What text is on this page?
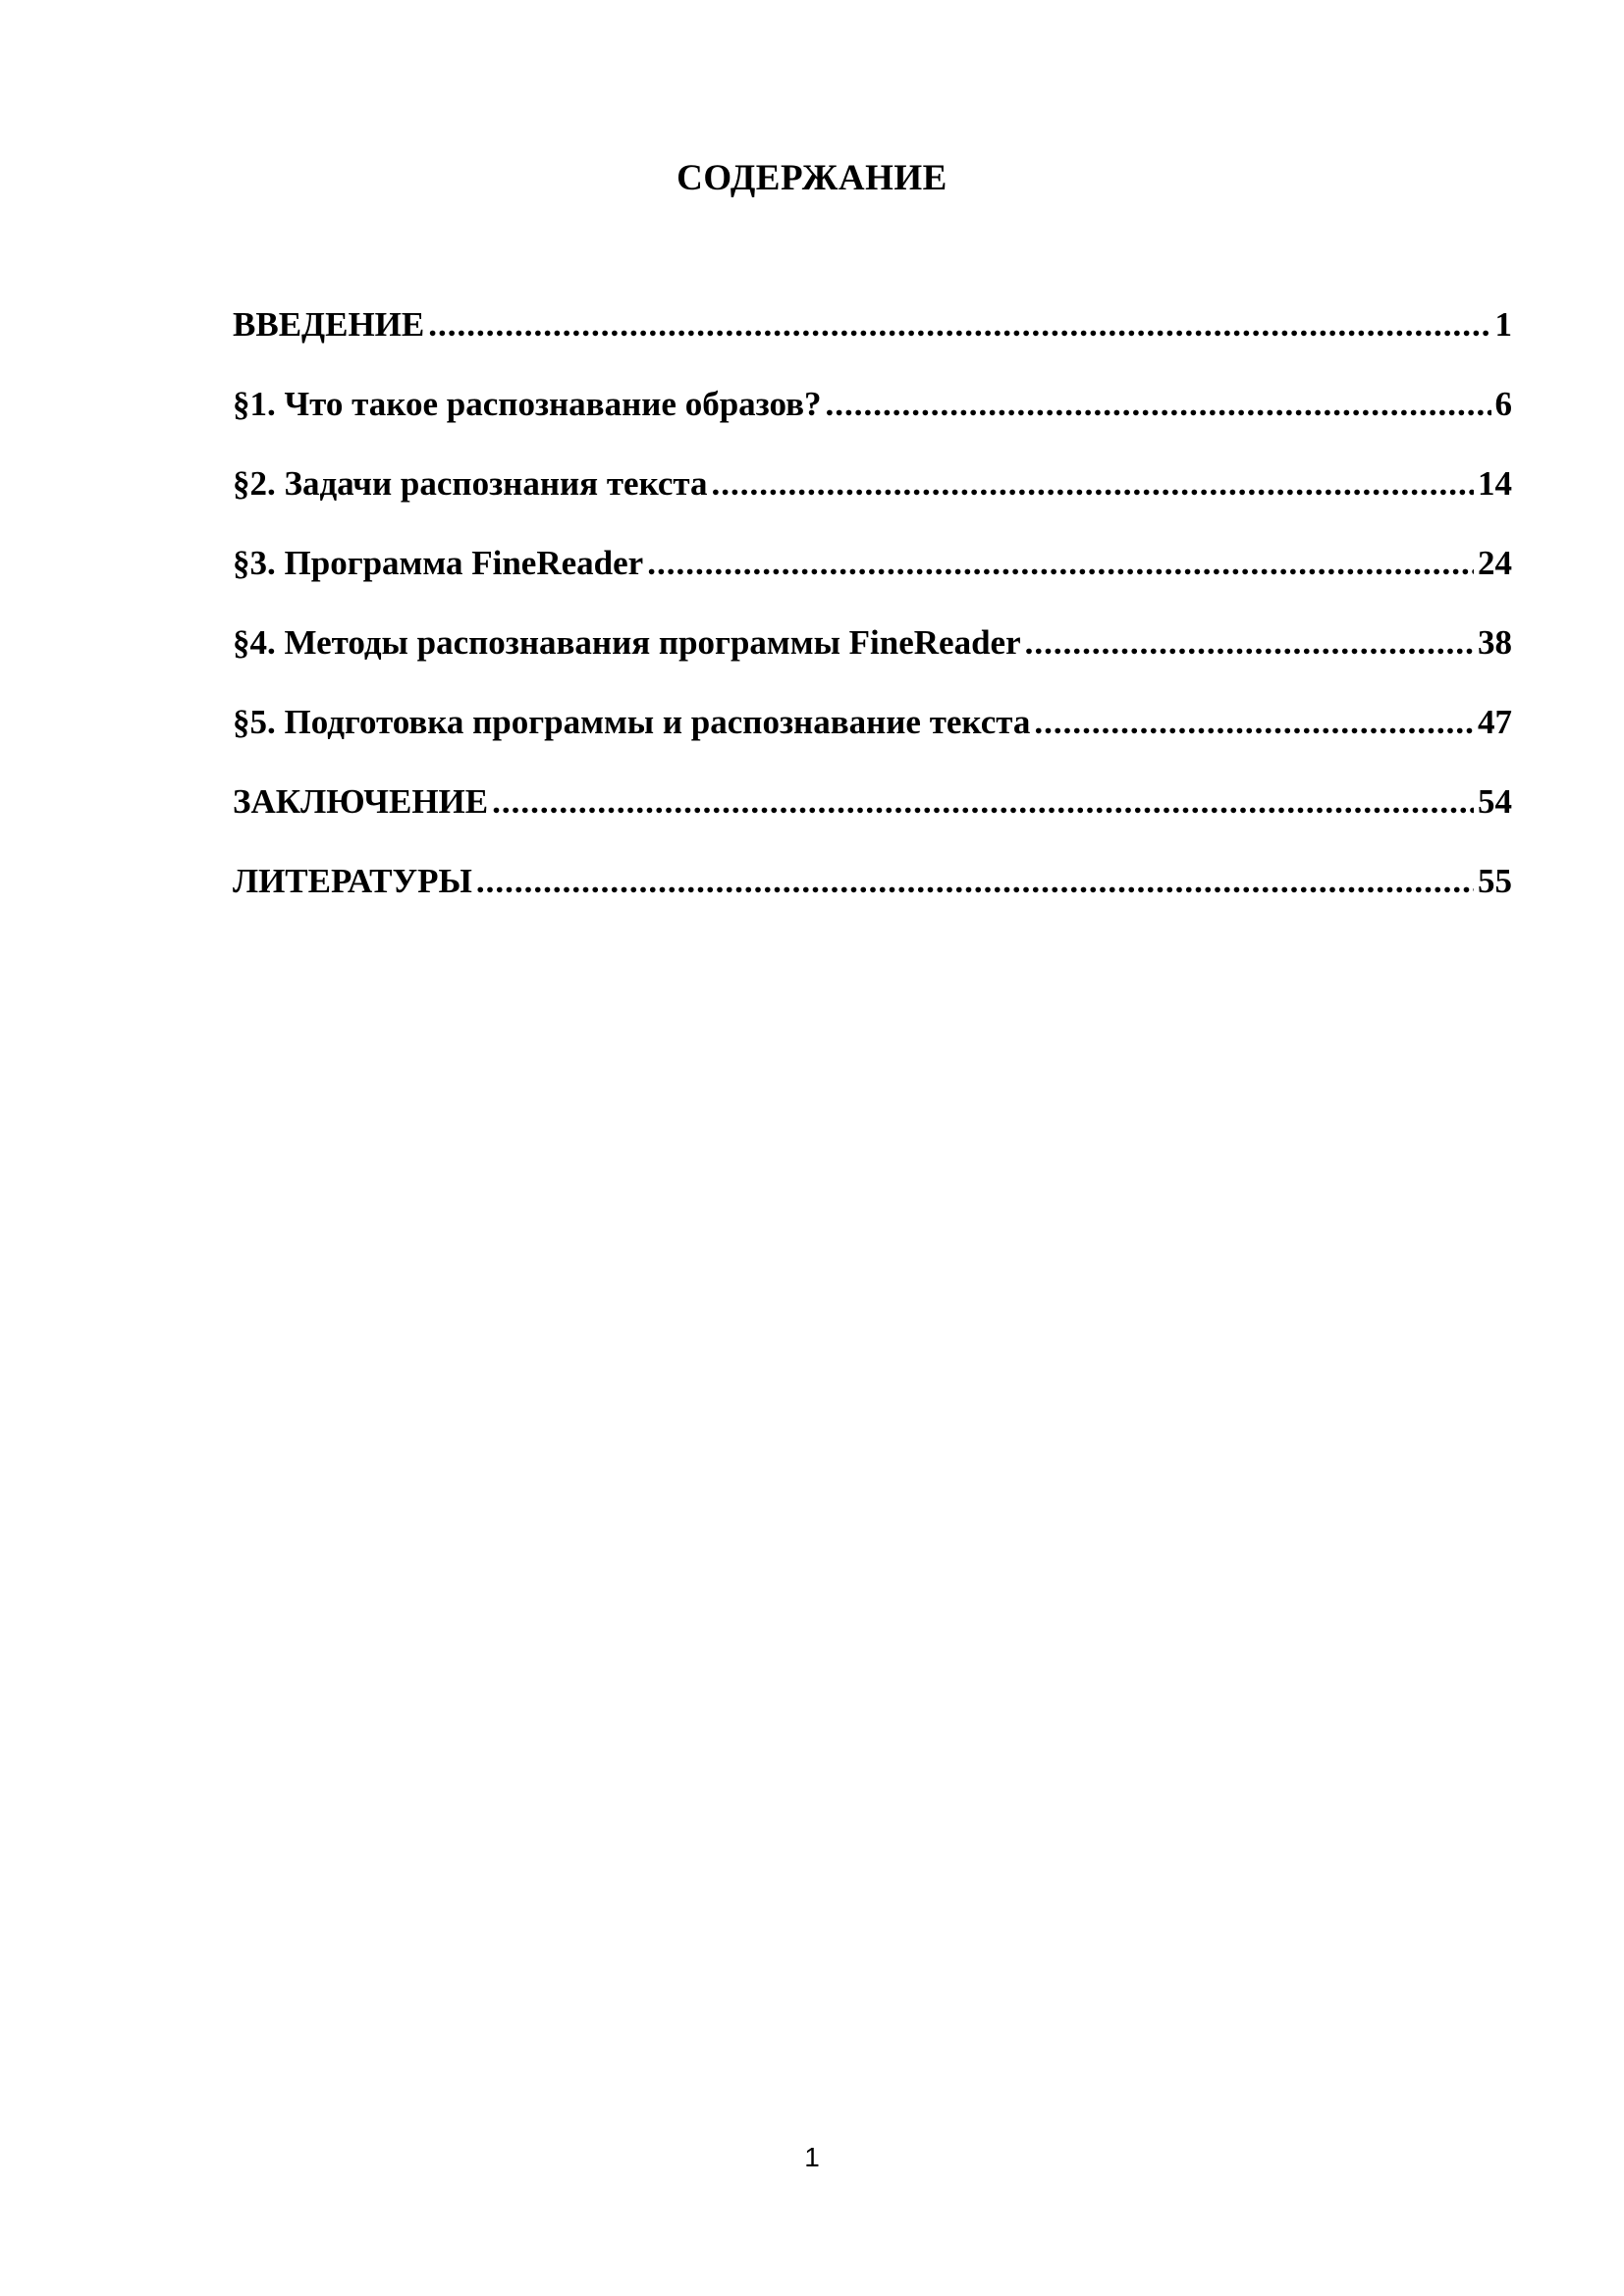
СОДЕРЖАНИЕ
ВВЕДЕНИЕ .....	1
§1. Что такое распознавание образов? .....	6
§2. Задачи распознания текста .....	14
§3. Программа FineReader .....	24
§4. Методы распознавания программы FineReader .....	38
§5. Подготовка программы и распознавание текста .....	47
ЗАКЛЮЧЕНИЕ .....	54
ЛИТЕРАТУРЫ .....	55
1
